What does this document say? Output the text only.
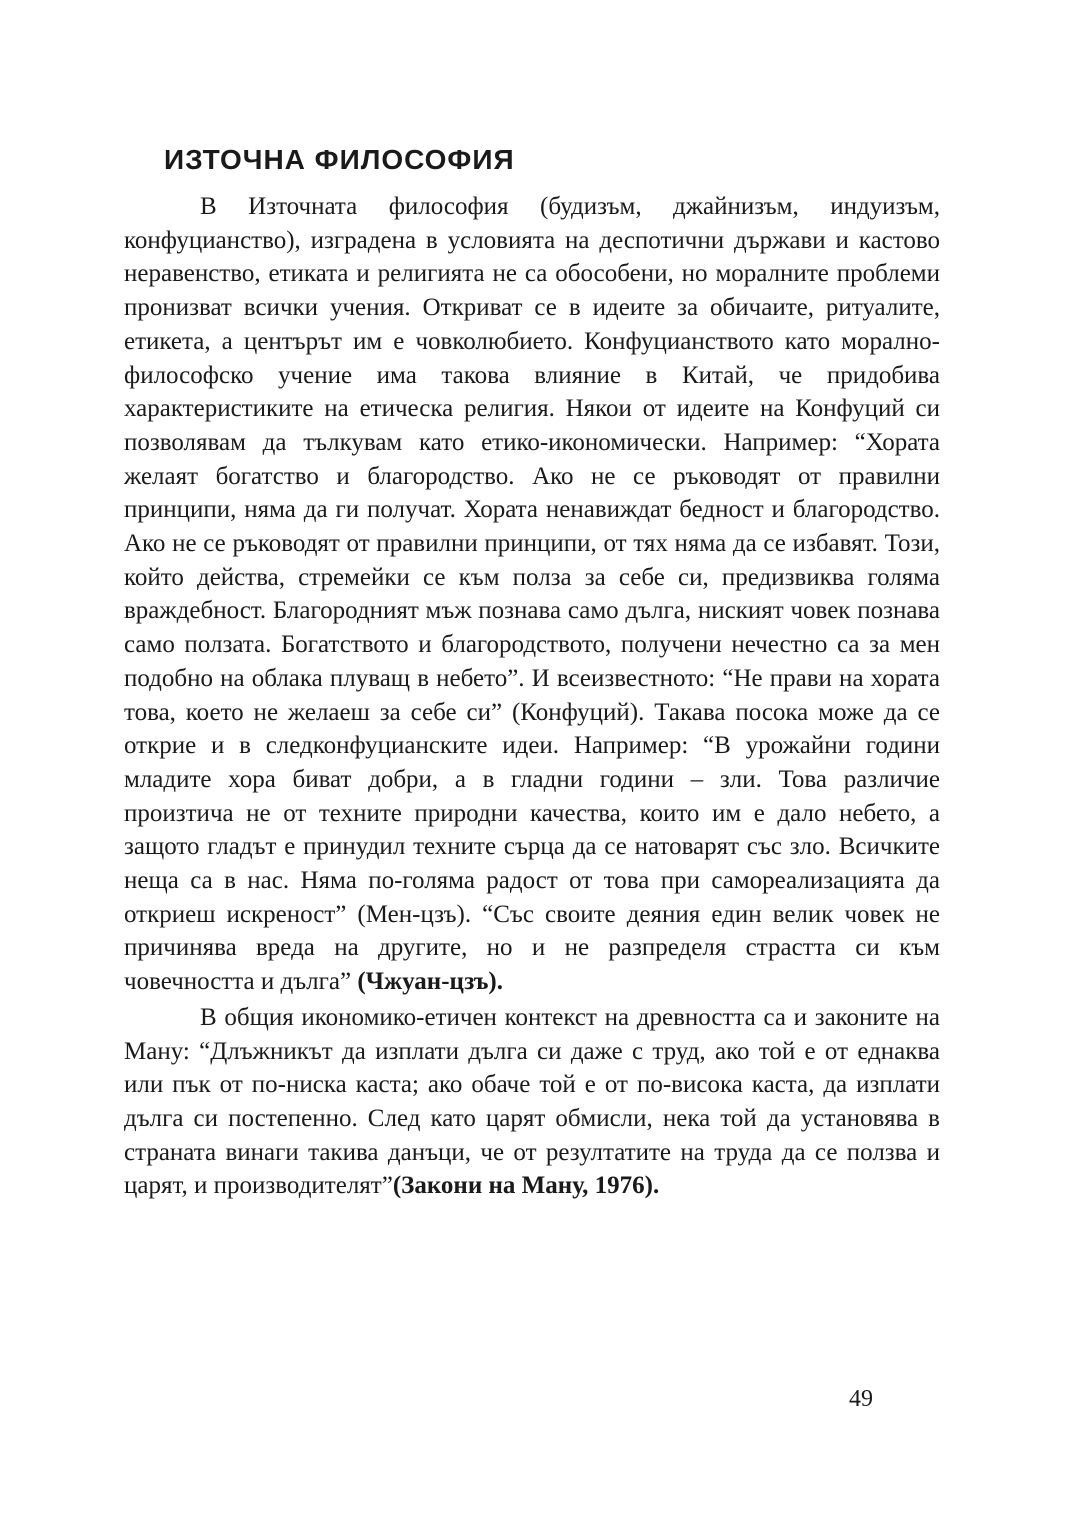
ИЗТОЧНА ФИЛОСОФИЯ

В Източната философия (будизъм, джайнизъм, индуизъм, конфуцианство), изградена в условията на деспотични държави и кастово неравенство, етиката и религията не са обособени, но моралните проблеми пронизват всички учения. Откриват се в идеите за обичаите, ритуалите, етикета, а центърът им е човколюбието. Конфуцианството като морално-философско учение има такова влияние в Китай, че придобива характеристиките на етическа религия. Някои от идеите на Конфуций си позволявам да тълкувам като етико-икономически. Например: “Хората желаят богатство и благородство. Ако не се ръководят от правилни принципи, няма да ги получат. Хората ненавиждат бедност и благородство. Ако не се ръководят от правилни принципи, от тях няма да се избавят. Този, който действа, стремейки се към полза за себе си, предизвиква голяма враждебност. Благородният мъж познава само дълга, ниският човек познава само ползата. Богатството и благородството, получени нечестно са за мен подобно на облака плуващ в небето”. И всеизвестното: “Не прави на хората това, което не желаеш за себе си” (Конфуций). Такава посока може да се открие и в следконфуцианските идеи. Например: “В урожайни години младите хора биват добри, а в гладни години – зли. Това различие произтича не от техните природни качества, които им е дало небето, а защото гладът е принудил техните сърца да се натоварят със зло. Всичките неща са в нас. Няма по-голяма радост от това при самореализацията да откриеш искреност” (Мен-цзъ). “Със своите деяния един велик човек не причинява вреда на другите, но и не разпределя страстта си към човечността и дълга” (Чжуан-цзъ).

В общия икономико-етичен контекст на древността са и законите на Ману: “Длъжникът да изплати дълга си даже с труд, ако той е от еднаква или пък от по-ниска каста; ако обаче той е от по-висока каста, да изплати дълга си постепенно. След като царят обмисли, нека той да установява в страната винаги такива данъци, че от резултатите на труда да се ползва и царят, и производителят”(Закони на Ману, 1976).

49
